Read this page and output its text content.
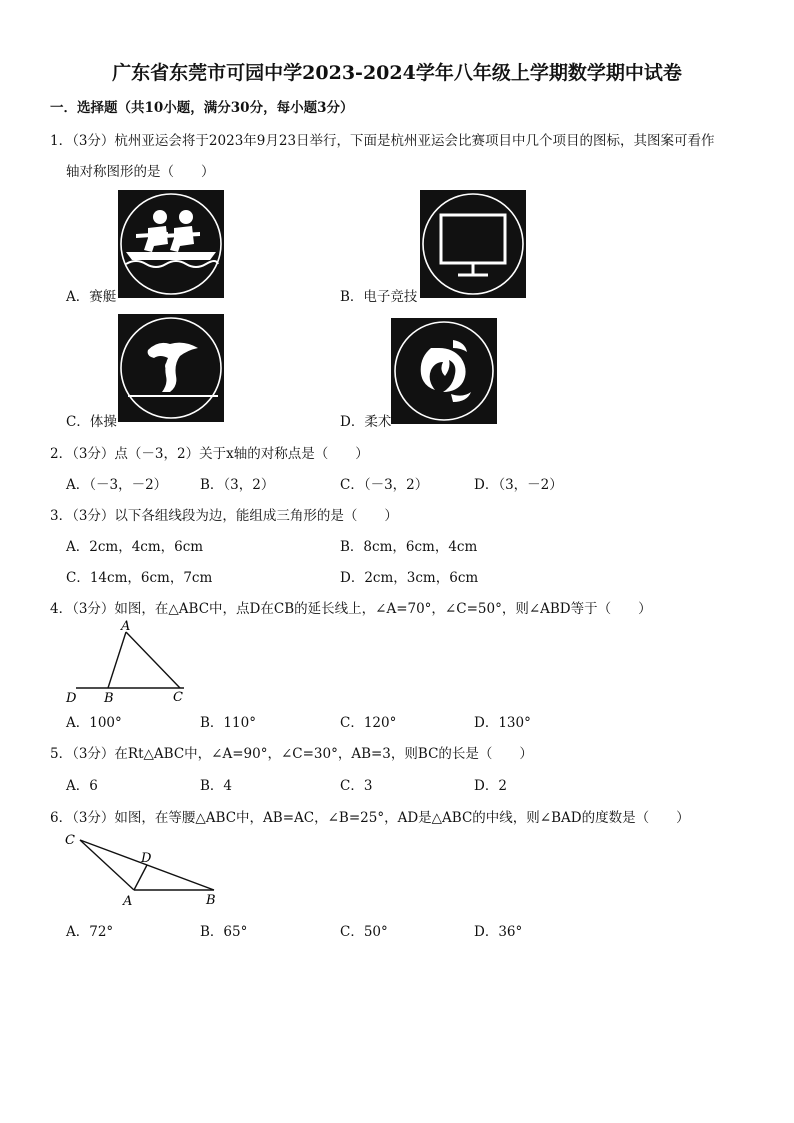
广东省东莞市可园中学2023-2024学年八年级上学期数学期中试卷
一．选择题（共10小题，满分30分，每小题3分）
1．（3分）杭州亚运会将于2023年9月23日举行，下面是杭州亚运会比赛项目中几个项目的图标，其图案可看作
轴对称图形的是（　　）
A．赛艇	B．电子竞技
C．体操	D．柔术
2．（3分）点（－3，2）关于x轴的对称点是（　　）
A．（－3，－2） B．（3，2）	C．（－3，2）	D．（3，－2）
3．（3分）以下各组线段为边，能组成三角形的是（　　）
A．2cm，4cm，6cm	B．8cm，6cm，4cm
C．14cm，6cm，7cm	D．2cm，3cm，6cm
4．（3分）如图，在△ABC中，点D在CB的延长线上，∠A=70°，∠C=50°，则∠ABD等于（　　）
A
D B	C
A．100°	B．110°	C．120°	D．130°
5．（3分）在Rt△ABC中，∠A=90°，∠C=30°，AB=3，则BC的长是（　　）
A．6	B．4	C．3	D．2
6．（3分）如图，在等腰△ABC中，AB=AC，∠B=25°，AD是△ABC的中线，则∠BAD的度数是（　　）
C
D
A	B
A．72°	B．65°	C．50°	D．36°
